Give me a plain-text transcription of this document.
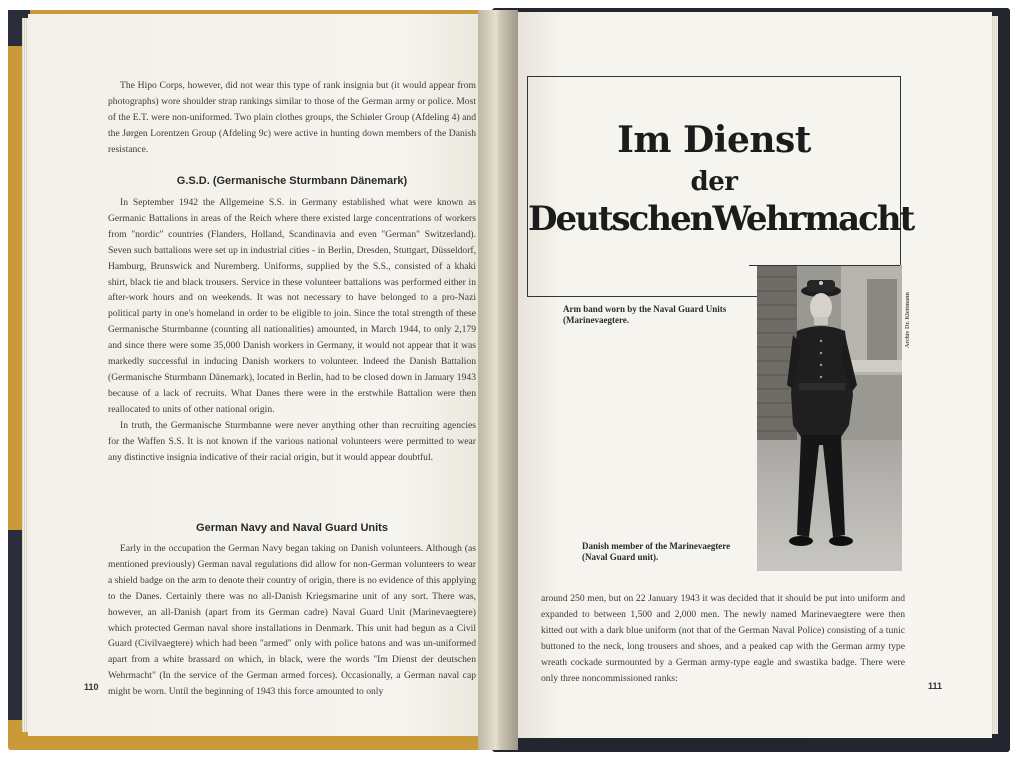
The Hipo Corps, however, did not wear this type of rank insignia but (it would appear from photographs) wore shoulder strap rankings similar to those of the German army or police. Most of the E.T. were non-uniformed. Two plain clothes groups, the Schiøler Group (Afdeling 4) and the Jørgen Lorentzen Group (Afdeling 9c) were active in hunting down members of the Danish resistance.

G.S.D. (Germanische Sturmbann Dänemark)

In September 1942 the Allgemeine S.S. in Germany established what were known as Germanic Battalions in areas of the Reich where there existed large concentrations of workers from "nordic" countries (Flanders, Holland, Scandinavia and even "German" Switzerland). Seven such battalions were set up in industrial cities - in Berlin, Dresden, Stuttgart, Düsseldorf, Hamburg, Brunswick and Nuremberg. Uniforms, supplied by the S.S., consisted of a khaki shirt, black tie and black trousers. Service in these volunteer battalions was performed either in after-work hours and on weekends. It was not necessary to have belonged to a pro-Nazi political party in one's homeland in order to be eligible to join. Since the total strength of these Germanische Sturmbanne (counting all nationalities) amounted, in March 1944, to only 2,179 and since there were some 35,000 Danish workers in Germany, it would not appear that it was markedly successful in inducing Danish workers to volunteer. Indeed the Danish Battalion (Germanische Sturmbann Dänemark), located in Berlin, had to be closed down in January 1943 because of a lack of recruits. What Danes there were in the erstwhile Battalion were then reallocated to units of other national origin.

In truth, the Germanische Sturmbanne were never anything other than recruiting agencies for the Waffen S.S. It is not known if the various national volunteers were permitted to wear any distinctive insignia indicative of their racial origin, but it would appear doubtful.

German Navy and Naval Guard Units

Early in the occupation the German Navy began taking on Danish volunteers. Although (as mentioned previously) German naval regulations did allow for non-German volunteers to wear a shield badge on the arm to denote their country of origin, there is no evidence of this applying to the Danes. Certainly there was no all-Danish Kriegsmarine unit of any sort. There was, however, an all-Danish (apart from its German cadre) Naval Guard Unit (Marinevaegtere) which protected German naval shore installations in Denmark. This unit had begun as a Civil Guard (Civilvaegtere) which had been "armed" only with police batons and was un-uniformed apart from a white brassard on which, in black, were the words "Im Dienst der deutschen Wehrmacht" (In the service of the German armed forces). Occasionally, a German naval cap might be worn. Until the beginning of 1943 this force amounted to only

110
Im Dienst
der
DeutschenWehrmacht
Arm band worn by the Naval Guard Units (Marinevaegtere.	Archiv Dr. Kleitmann
Danish member of the Marinevaegtere (Naval Guard unit).

around 250 men, but on 22 January 1943 it was decided that it should be put into uniform and expanded to between 1,500 and 2,000 men. The newly named Marinevaegtere were then kitted out with a dark blue uniform (not that of the German Naval Police) consisting of a tunic buttoned to the neck, long trousers and shoes, and a peaked cap with the German army type wreath cockade surmounted by a German army-type eagle and swastika badge. There were only three noncommissioned ranks:

111
